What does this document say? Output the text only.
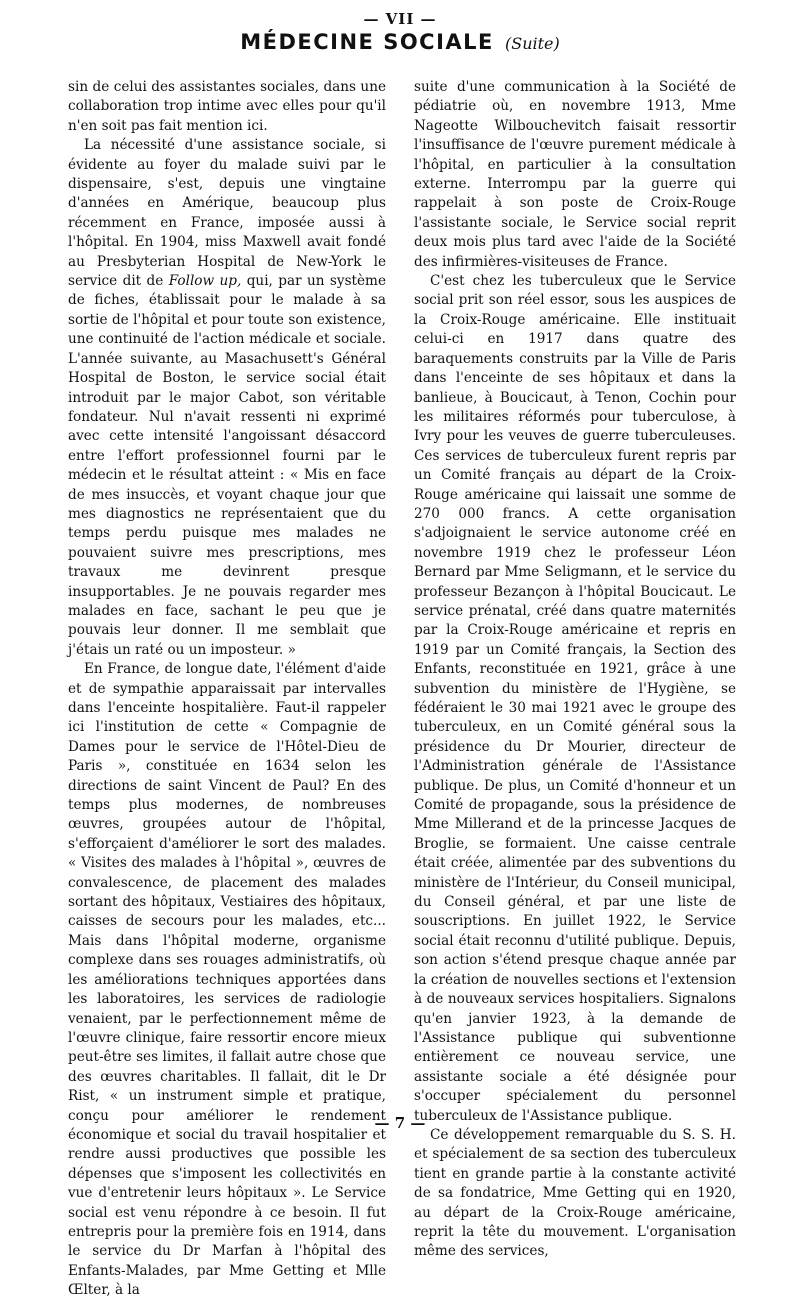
— VII —
MÉDECINE SOCIALE (Suite)

sin de celui des assistantes sociales, dans une collaboration trop intime avec elles pour qu'il n'en soit pas fait mention ici.

La nécessité d'une assistance sociale, si évidente au foyer du malade suivi par le dispensaire, s'est, depuis une vingtaine d'années en Amérique, beaucoup plus récemment en France, imposée aussi à l'hôpital. En 1904, miss Maxwell avait fondé au Presbyterian Hospital de New-York le service dit de Follow up, qui, par un système de fiches, établissait pour le malade à sa sortie de l'hôpital et pour toute son existence, une continuité de l'action médicale et sociale. L'année suivante, au Masachusett's Général Hospital de Boston, le service social était introduit par le major Cabot, son véritable fondateur. Nul n'avait ressenti ni exprimé avec cette intensité l'angoissant désaccord entre l'effort professionnel fourni par le médecin et le résultat atteint : « Mis en face de mes insuccès, et voyant chaque jour que mes diagnostics ne représentaient que du temps perdu puisque mes malades ne pouvaient suivre mes prescriptions, mes travaux me devinrent presque insupportables. Je ne pouvais regarder mes malades en face, sachant le peu que je pouvais leur donner. Il me semblait que j'étais un raté ou un imposteur. »

En France, de longue date, l'élément d'aide et de sympathie apparaissait par intervalles dans l'enceinte hospitalière. Faut-il rappeler ici l'institution de cette « Compagnie de Dames pour le service de l'Hôtel-Dieu de Paris », constituée en 1634 selon les directions de saint Vincent de Paul? En des temps plus modernes, de nombreuses œuvres, groupées autour de l'hôpital, s'efforçaient d'améliorer le sort des malades. « Visites des malades à l'hôpital », œuvres de convalescence, de placement des malades sortant des hôpitaux, Vestiaires des hôpitaux, caisses de secours pour les malades, etc... Mais dans l'hôpital moderne, organisme complexe dans ses rouages administratifs, où les améliorations techniques apportées dans les laboratoires, les services de radiologie venaient, par le perfectionnement même de l'œuvre clinique, faire ressortir encore mieux peut-être ses limites, il fallait autre chose que des œuvres charitables. Il fallait, dit le Dr Rist, « un instrument simple et pratique, conçu pour améliorer le rendement économique et social du travail hospitalier et rendre aussi productives que possible les dépenses que s'imposent les collectivités en vue d'entretenir leurs hôpitaux ». Le Service social est venu répondre à ce besoin. Il fut entrepris pour la première fois en 1914, dans le service du Dr Marfan à l'hôpital des Enfants-Malades, par Mme Getting et Mlle Œlter, à la

suite d'une communication à la Société de pédiatrie où, en novembre 1913, Mme Nageotte Wilbouchevitch faisait ressortir l'insuffisance de l'œuvre purement médicale à l'hôpital, en particulier à la consultation externe. Interrompu par la guerre qui rappelait à son poste de Croix-Rouge l'assistante sociale, le Service social reprit deux mois plus tard avec l'aide de la Société des infirmières-visiteuses de France.

C'est chez les tuberculeux que le Service social prit son réel essor, sous les auspices de la Croix-Rouge américaine. Elle instituait celui-ci en 1917 dans quatre des baraquements construits par la Ville de Paris dans l'enceinte de ses hôpitaux et dans la banlieue, à Boucicaut, à Tenon, Cochin pour les militaires réformés pour tuberculose, à Ivry pour les veuves de guerre tuberculeuses. Ces services de tuberculeux furent repris par un Comité français au départ de la Croix-Rouge américaine qui laissait une somme de 270 000 francs. A cette organisation s'adjoignaient le service autonome créé en novembre 1919 chez le professeur Léon Bernard par Mme Seligmann, et le service du professeur Bezançon à l'hôpital Boucicaut. Le service prénatal, créé dans quatre maternités par la Croix-Rouge américaine et repris en 1919 par un Comité français, la Section des Enfants, reconstituée en 1921, grâce à une subvention du ministère de l'Hygiène, se fédéraient le 30 mai 1921 avec le groupe des tuberculeux, en un Comité général sous la présidence du Dr Mourier, directeur de l'Administration générale de l'Assistance publique. De plus, un Comité d'honneur et un Comité de propagande, sous la présidence de Mme Millerand et de la princesse Jacques de Broglie, se formaient. Une caisse centrale était créée, alimentée par des subventions du ministère de l'Intérieur, du Conseil municipal, du Conseil général, et par une liste de souscriptions. En juillet 1922, le Service social était reconnu d'utilité publique. Depuis, son action s'étend presque chaque année par la création de nouvelles sections et l'extension à de nouveaux services hospitaliers. Signalons qu'en janvier 1923, à la demande de l'Assistance publique qui subventionne entièrement ce nouveau service, une assistante sociale a été désignée pour s'occuper spécialement du personnel tuberculeux de l'Assistance publique.

Ce développement remarquable du S. S. H. et spécialement de sa section des tuberculeux tient en grande partie à la constante activité de sa fondatrice, Mme Getting qui en 1920, au départ de la Croix-Rouge américaine, reprit la tête du mouvement. L'organisation même des services,

— 7 —
